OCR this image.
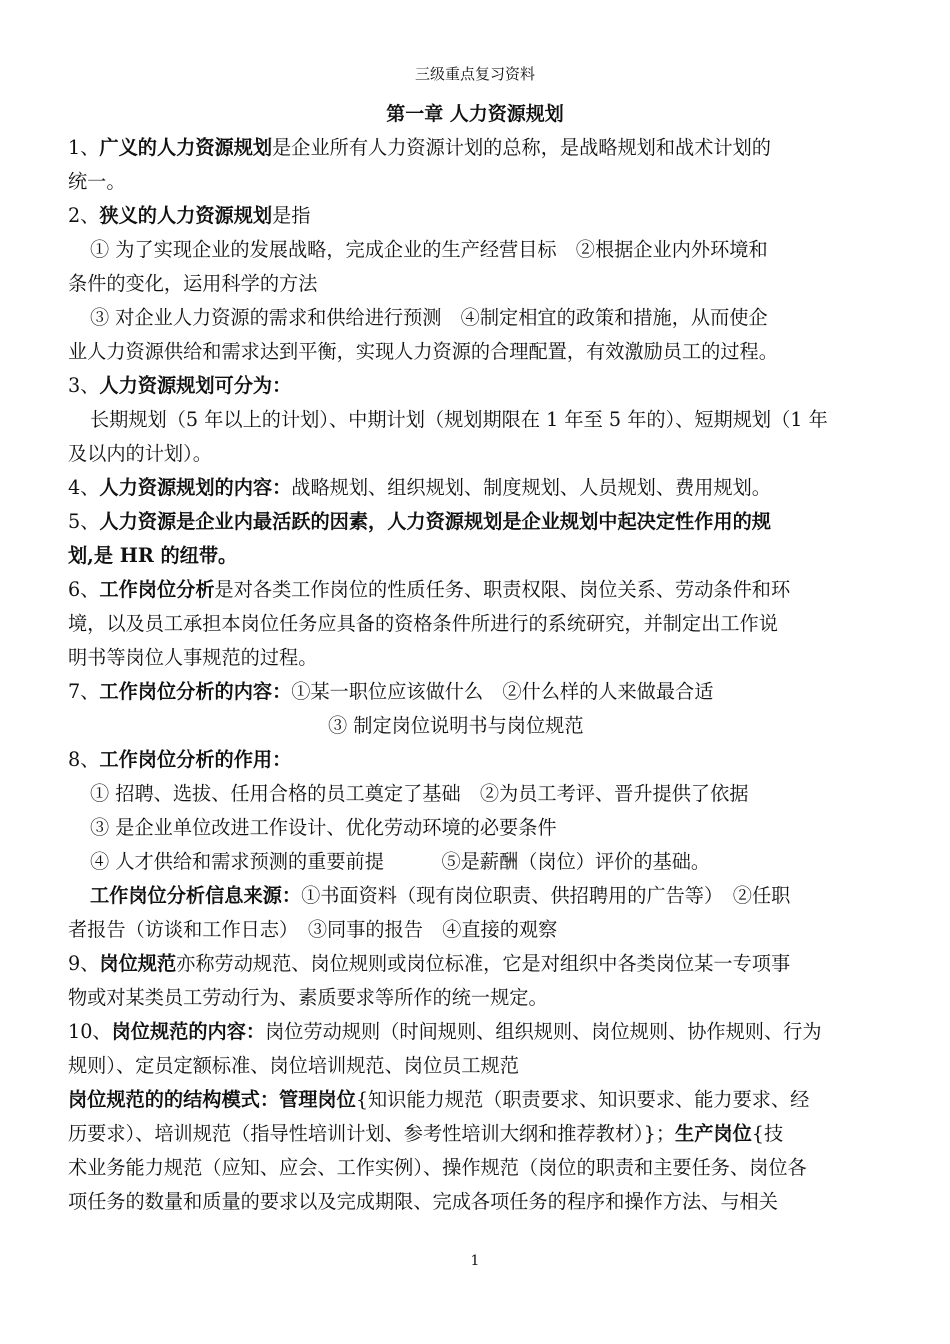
三级重点复习资料
第一章 人力资源规划

1、广义的人力资源规划是企业所有人力资源计划的总称，是战略规划和战术计划的

统一。

2、狭义的人力资源规划是指

① 为了实现企业的发展战略，完成企业的生产经营目标　②根据企业内外环境和

条件的变化，运用科学的方法

③ 对企业人力资源的需求和供给进行预测　④制定相宜的政策和措施，从而使企

业人力资源供给和需求达到平衡，实现人力资源的合理配置，有效激励员工的过程。

3、人力资源规划可分为：

长期规划（5 年以上的计划）、中期计划（规划期限在 1 年至 5 年的）、短期规划（1 年

及以内的计划）。

4、人力资源规划的内容：战略规划、组织规划、制度规划、人员规划、费用规划。

5、人力资源是企业内最活跃的因素，人力资源规划是企业规划中起决定性作用的规

划,是 HR 的纽带。

6、工作岗位分析是对各类工作岗位的性质任务、职责权限、岗位关系、劳动条件和环

境，以及员工承担本岗位任务应具备的资格条件所进行的系统研究，并制定出工作说

明书等岗位人事规范的过程。

7、工作岗位分析的内容：①某一职位应该做什么　②什么样的人来做最合适

③ 制定岗位说明书与岗位规范

8、工作岗位分析的作用：

① 招聘、选拔、任用合格的员工奠定了基础　②为员工考评、晋升提供了依据

③ 是企业单位改进工作设计、优化劳动环境的必要条件

④ 人才供给和需求预测的重要前提　　　⑤是薪酬（岗位）评价的基础。

工作岗位分析信息来源：①书面资料（现有岗位职责、供招聘用的广告等）　②任职

者报告（访谈和工作日志）　③同事的报告　④直接的观察

9、岗位规范亦称劳动规范、岗位规则或岗位标准，它是对组织中各类岗位某一专项事

物或对某类员工劳动行为、素质要求等所作的统一规定。

10、岗位规范的内容：岗位劳动规则（时间规则、组织规则、岗位规则、协作规则、行为

规则）、定员定额标准、岗位培训规范、岗位员工规范

岗位规范的的结构模式：管理岗位{知识能力规范（职责要求、知识要求、能力要求、经

历要求）、培训规范（指导性培训计划、参考性培训大纲和推荐教材）}；生产岗位{技

术业务能力规范（应知、应会、工作实例）、操作规范（岗位的职责和主要任务、岗位各

项任务的数量和质量的要求以及完成期限、完成各项任务的程序和操作方法、与相关

1
